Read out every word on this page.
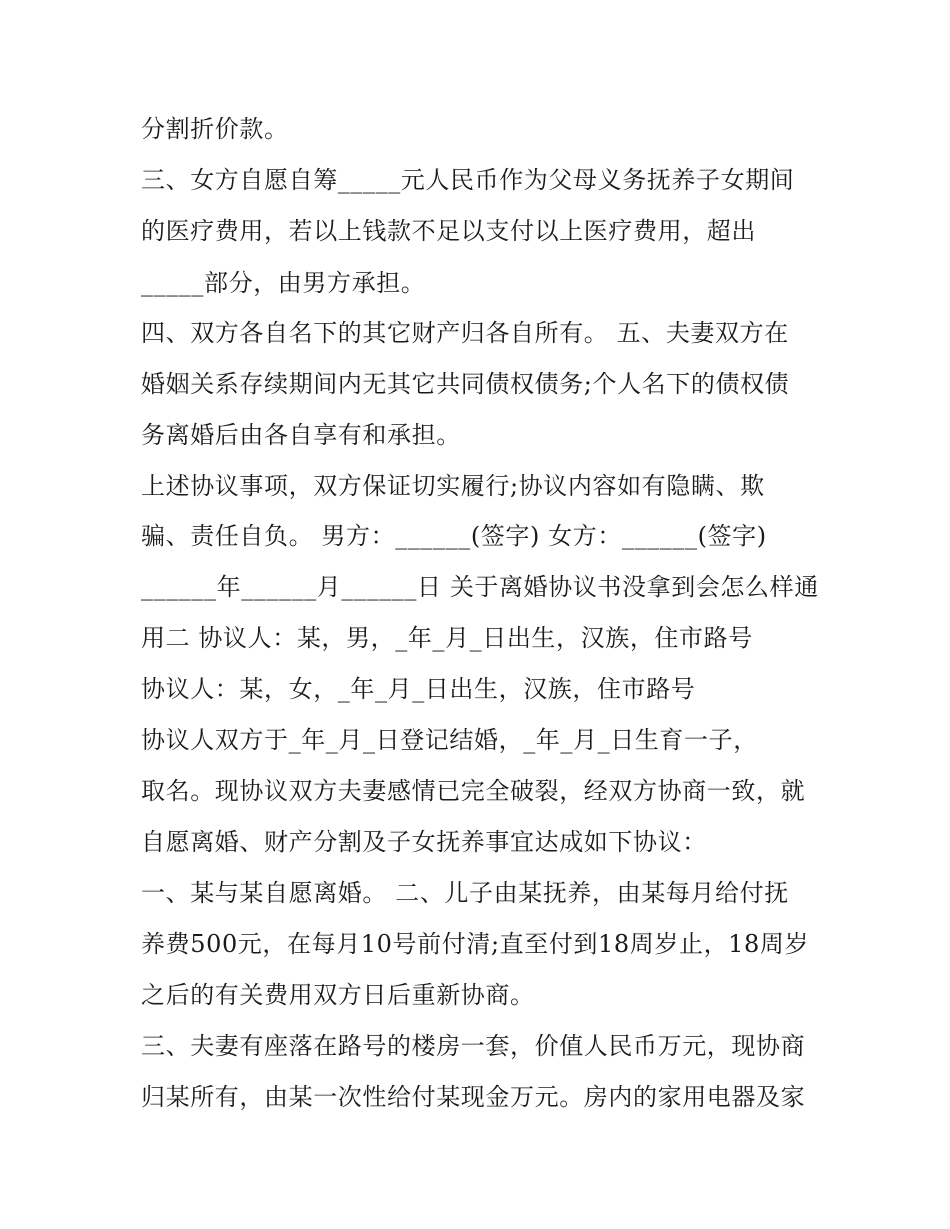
分割折价款。

三、女方自愿自筹_____元人民币作为父母义务抚养子女期间

的医疗费用，若以上钱款不足以支付以上医疗费用，超出

_____部分，由男方承担。

四、双方各自名下的其它财产归各自所有。 五、夫妻双方在

婚姻关系存续期间内无其它共同债权债务;个人名下的债权债

务离婚后由各自享有和承担。

上述协议事项，双方保证切实履行;协议内容如有隐瞒、欺

骗、责任自负。 男方：______(签字) 女方：______(签字)

______年______月______日 关于离婚协议书没拿到会怎么样通

用二 协议人：某，男，_年_月_日出生，汉族，住市路号

协议人：某，女，_年_月_日出生，汉族，住市路号

协议人双方于_年_月_日登记结婚，_年_月_日生育一子，

取名。现协议双方夫妻感情已完全破裂，经双方协商一致，就

自愿离婚、财产分割及子女抚养事宜达成如下协议：

一、某与某自愿离婚。 二、儿子由某抚养，由某每月给付抚

养费500元，在每月10号前付清;直至付到18周岁止，18周岁

之后的有关费用双方日后重新协商。

三、夫妻有座落在路号的楼房一套，价值人民币万元，现协商

归某所有，由某一次性给付某现金万元。房内的家用电器及家
